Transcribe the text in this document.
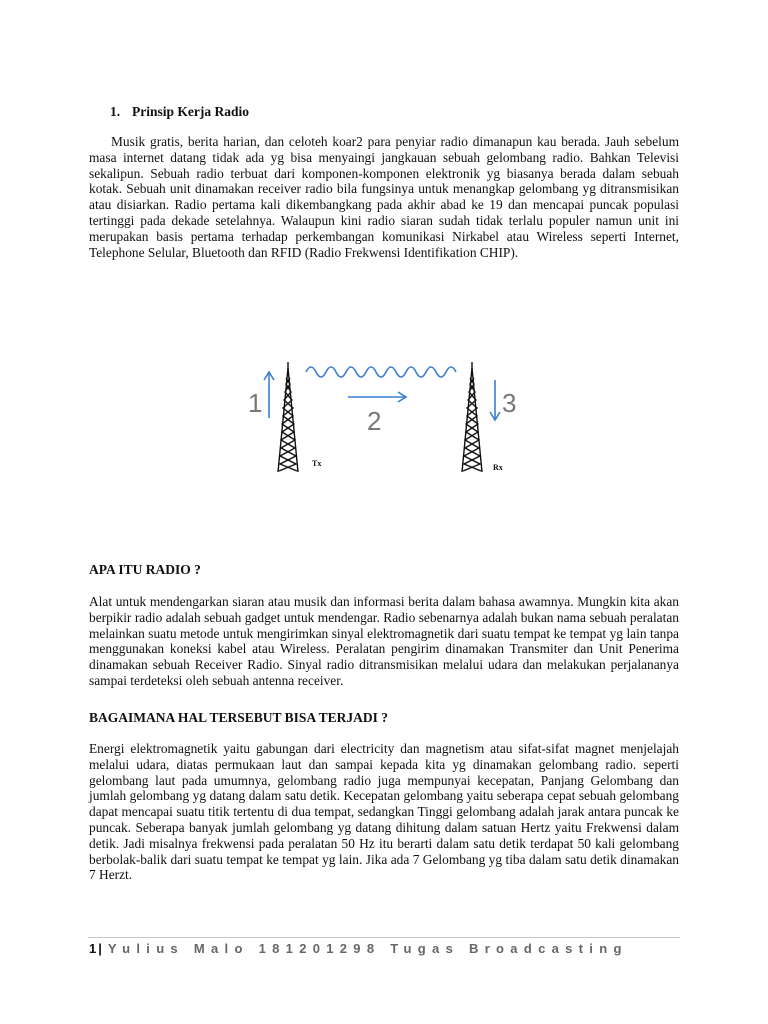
1. Prinsip Kerja Radio

Musik gratis, berita harian, dan celoteh koar2 para penyiar radio dimanapun kau berada. Jauh sebelum masa internet datang tidak ada yg bisa menyaingi jangkauan sebuah gelombang radio. Bahkan Televisi sekalipun. Sebuah radio terbuat dari komponen-komponen elektronik yg biasanya berada dalam sebuah kotak. Sebuah unit dinamakan receiver radio bila fungsinya untuk menangkap gelombang yg ditransmisikan atau disiarkan. Radio pertama kali dikembangkang pada akhir abad ke 19 dan mencapai puncak populasi tertinggi pada dekade setelahnya. Walaupun kini radio siaran sudah tidak terlalu populer namun unit ini merupakan basis pertama terhadap perkembangan komunikasi Nirkabel atau Wireless seperti Internet, Telephone Selular, Bluetooth dan RFID (Radio Frekwensi Identifikation CHIP).

1
Tx
2
Rx
3

APA ITU RADIO ?

Alat untuk mendengarkan siaran atau musik dan informasi berita dalam bahasa awamnya. Mungkin kita akan berpikir radio adalah sebuah gadget untuk mendengar. Radio sebenarnya adalah bukan nama sebuah peralatan melainkan suatu metode untuk mengirimkan sinyal elektromagnetik dari suatu tempat ke tempat yg lain tanpa menggunakan koneksi kabel atau Wireless. Peralatan pengirim dinamakan Transmiter dan Unit Penerima dinamakan sebuah Receiver Radio. Sinyal radio ditransmisikan melalui udara dan melakukan perjalananya sampai terdeteksi oleh sebuah antenna receiver.

BAGAIMANA HAL TERSEBUT BISA TERJADI ?

Energi elektromagnetik yaitu gabungan dari electricity dan magnetism atau sifat-sifat magnet menjelajah melalui udara, diatas permukaan laut dan sampai kepada kita yg dinamakan gelombang radio. seperti gelombang laut pada umumnya, gelombang radio juga mempunyai kecepatan, Panjang Gelombang dan jumlah gelombang yg datang dalam satu detik. Kecepatan gelombang yaitu seberapa cepat sebuah gelombang dapat mencapai suatu titik tertentu di dua tempat, sedangkan Tinggi gelombang adalah jarak antara puncak ke puncak. Seberapa banyak jumlah gelombang yg datang dihitung dalam satuan Hertz yaitu Frekwensi dalam detik. Jadi misalnya frekwensi pada peralatan 50 Hz itu berarti dalam satu detik terdapat 50 kali gelombang berbolak-balik dari suatu tempat ke tempat yg lain. Jika ada 7 Gelombang yg tiba dalam satu detik dinamakan 7 Herzt.

1 | Yulius Malo 181201298 Tugas Broadcasting
